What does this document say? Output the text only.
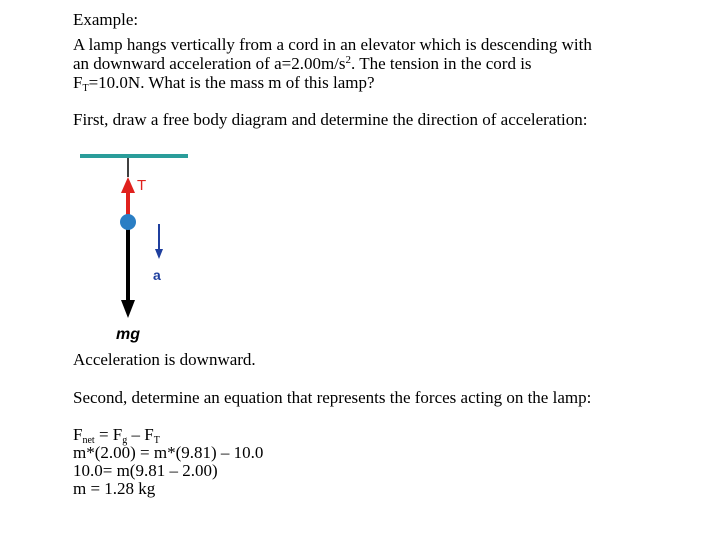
Example:

A lamp hangs vertically from a cord in an elevator which is descending with

an downward acceleration of $a=2.00m/s^2$. The tension in the cord is

$F_T=10.0N$. What is the mass m of this lamp?

First, draw a free body diagram and determine the direction of acceleration:

T
a
mg

Acceleration is downward.

Second, determine an equation that represents the forces acting on the lamp:

$F_{net} = F_g - F_T$

m*(2.00) = m*(9.81) – 10.0

10.0= m(9.81 – 2.00)

m = 1.28 kg
